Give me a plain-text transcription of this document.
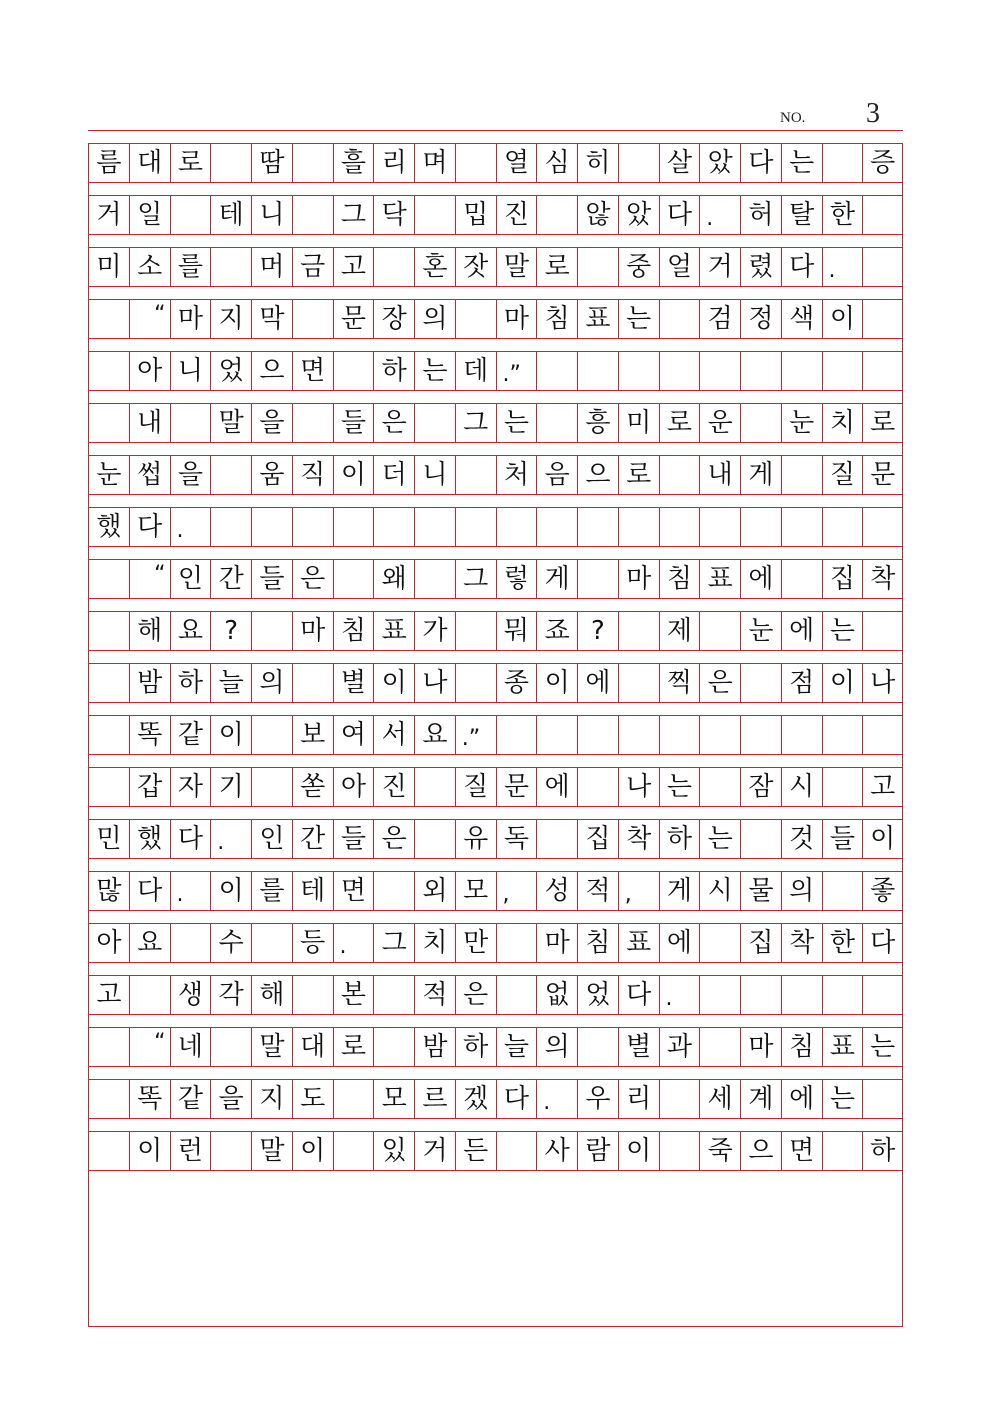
NO. 3
름 대 로	땀	흘 리 며	열 심 히	살 았 다 는	증
거 일	테 니	그 닥	밉 진	않 았 다 .	허 탈 한
미 소 를	머 금 고	혼 잣 말 로	중 얼 거 렸 다 .
“ 마 지 막	문 장 의	마 침 표 는	검 정 색 이
아 니 었 으 면	하 는 데 .”
내	말 을	들 은	그 는	흥 미 로 운	눈 치 로
눈 썹 을	움 직 이 더 니	처 음 으 로	내 게	질 문
했 다 .
“ 인 간 들 은	왜	그 렇 게	마 침 표 에	집 착
해 요 ?	마 침 표 가	뭐 죠 ?	제	눈 에 는
밤 하 늘 의	별 이 나	종 이 에	찍 은	점 이 나
똑 같 이	보 여 서 요 .”
갑 자 기	쏟 아 진	질 문 에	나 는	잠 시	고
민 했 다 .	인 간 들 은	유 독	집 착 하 는	것 들 이
많 다 .	이 를 테 면	외 모 ,	성 적 ,	게 시 물 의	좋
아 요	수	등 .	그 치 만	마 침 표 에	집 착 한 다
고	생 각 해	본	적 은	없 었 다 .
“ 네	말 대 로	밤 하 늘 의	별 과	마 침 표 는
똑 같 을 지 도	모 르 겠 다 .	우 리	세 계 에 는
이 런	말 이	있 거 든	사 람 이	죽 으 면	하
